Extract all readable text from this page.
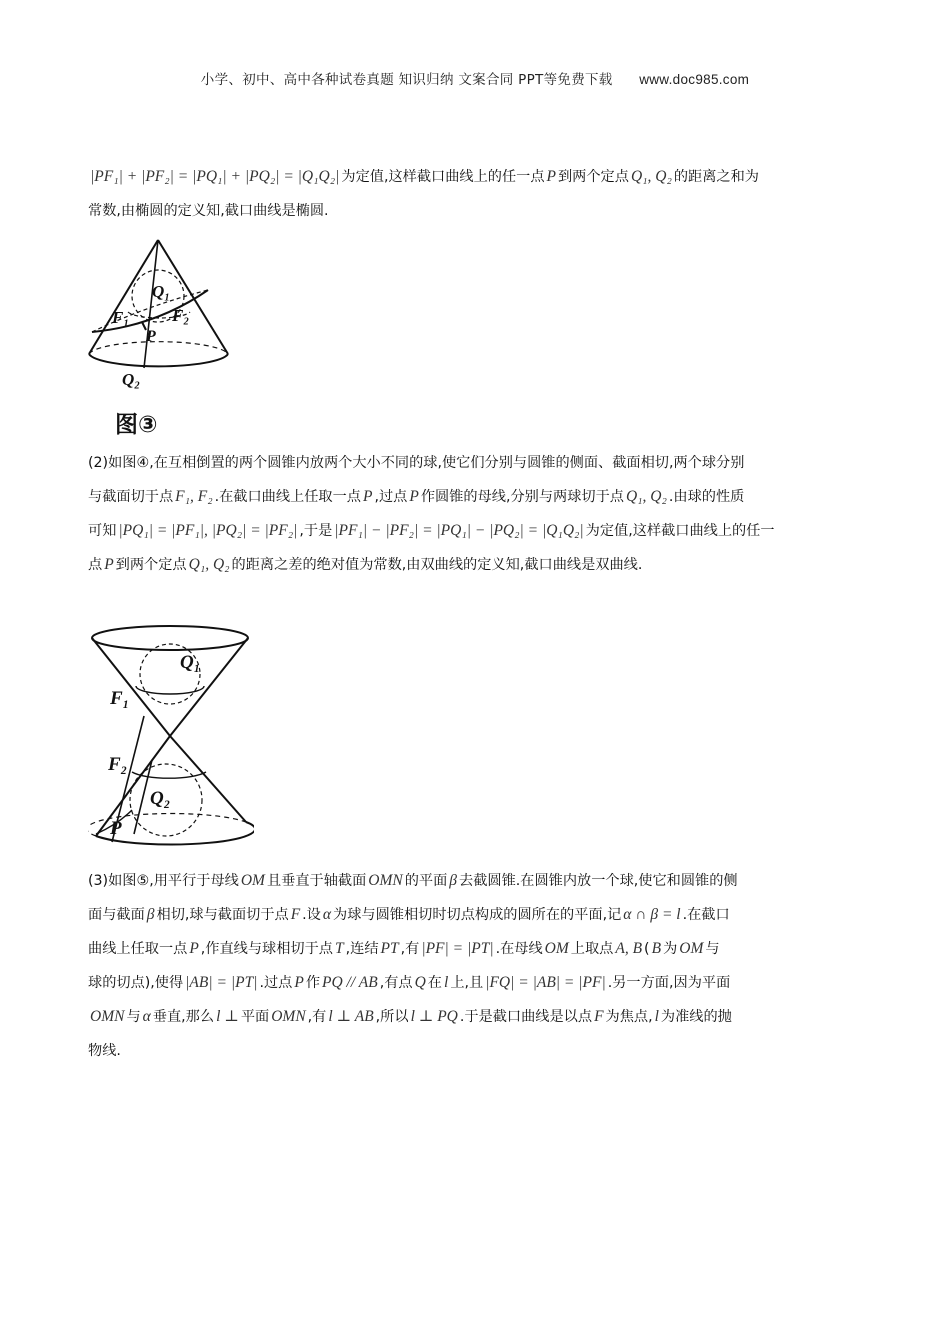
小学、初中、高中各种试卷真题 知识归纳 文案合同 PPT等免费下载 www.doc985.com
|PF₁| + |PF₂| = |PQ₁| + |PQ₂| = |Q₁Q₂| 为定值,这样截口曲线上的任一点 P 到两个定点 Q₁, Q₂ 的距离之和为
常数,由椭圆的定义知,截口曲线是椭圆.
Q₁
F₁	F₂
P
Q₂
图③
(2)如图④,在互相倒置的两个圆锥内放两个大小不同的球,使它们分别与圆锥的侧面、截面相切,两个球分别
与截面切于点 F₁, F₂ .在截口曲线上任取一点 P ,过点 P 作圆锥的母线,分别与两球切于点 Q₁, Q₂ .由球的性质
可知 |PQ₁| = |PF₁|, |PQ₂| = |PF₂| ,于是 |PF₁| − |PF₂| = |PQ₁| − |PQ₂| = |Q₁Q₂| 为定值,这样截口曲线上的任一
点 P 到两个定点 Q₁, Q₂ 的距离之差的绝对值为常数,由双曲线的定义知,截口曲线是双曲线.
Q₁
F₁
F₂
Q₂
P
(3)如图⑤,用平行于母线 OM 且垂直于轴截面 OMN 的平面 β 去截圆锥.在圆锥内放一个球,使它和圆锥的侧
面与截面 β 相切,球与截面切于点 F .设 α 为球与圆锥相切时切点构成的圆所在的平面,记 α ∩ β = l .在截口
曲线上任取一点 P ,作直线与球相切于点 T ,连结 PT ,有 |PF| = |PT| .在母线 OM 上取点 A, B ( B 为 OM 与
球的切点),使得 |AB| = |PT| .过点 P 作 PQ // AB ,有点 Q 在 l 上,且 |FQ| = |AB| = |PF| .另一方面,因为平面
OMN 与 α 垂直,那么 l ⊥ 平面 OMN ,有 l ⊥ AB ,所以 l ⊥ PQ .于是截口曲线是以点 F 为焦点, l 为准线的抛
物线.
